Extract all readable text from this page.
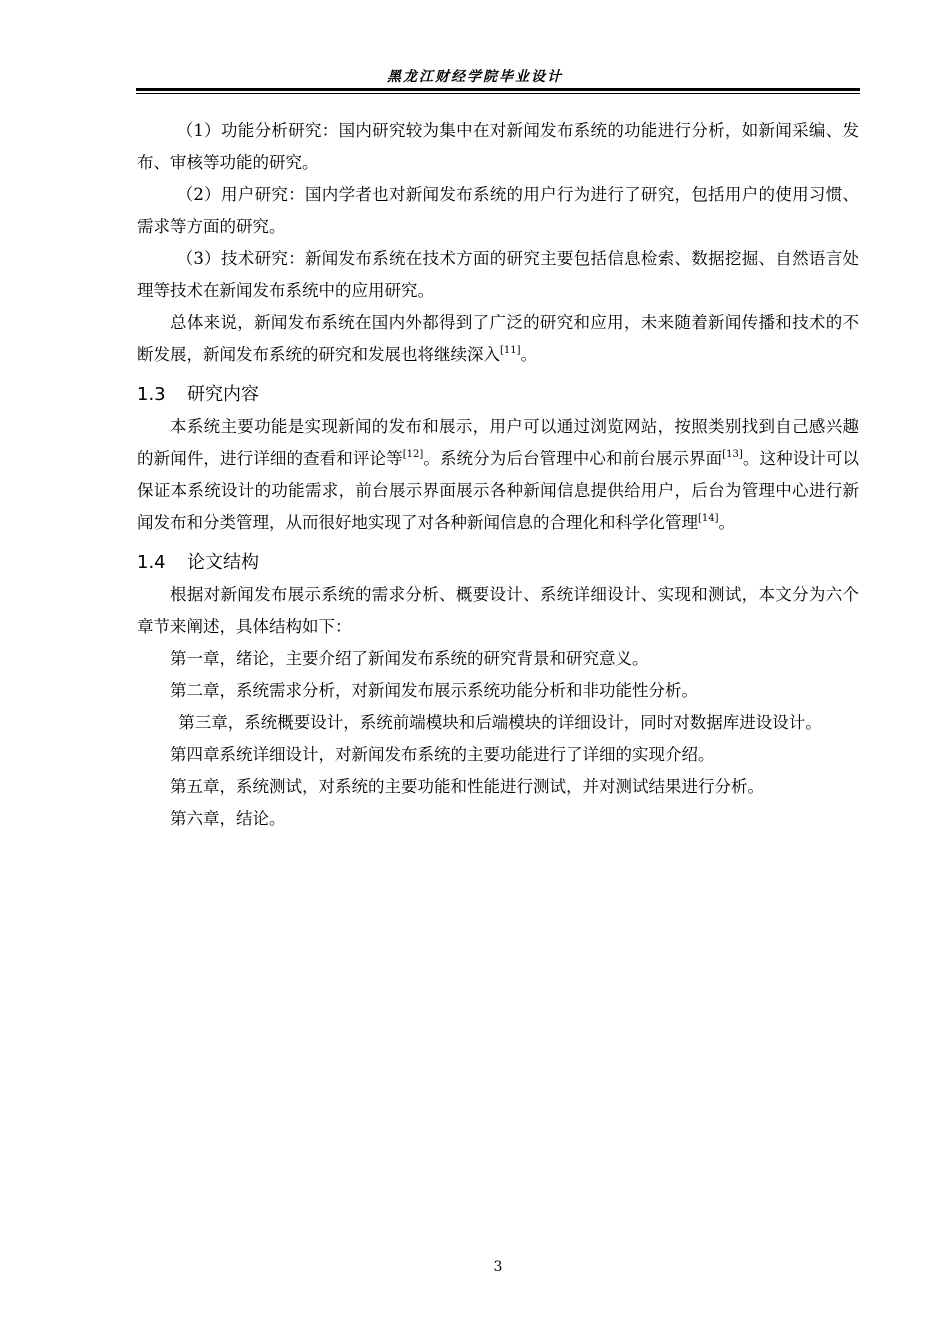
黑龙江财经学院毕业设计

（1）功能分析研究：国内研究较为集中在对新闻发布系统的功能进行分析，如新闻采编、发布、审核等功能的研究。

（2）用户研究：国内学者也对新闻发布系统的用户行为进行了研究，包括用户的使用习惯、需求等方面的研究。

（3）技术研究：新闻发布系统在技术方面的研究主要包括信息检索、数据挖掘、自然语言处理等技术在新闻发布系统中的应用研究。

总体来说，新闻发布系统在国内外都得到了广泛的研究和应用，未来随着新闻传播和技术的不断发展，新闻发布系统的研究和发展也将继续深入[11]。

1.3 研究内容

本系统主要功能是实现新闻的发布和展示，用户可以通过浏览网站，按照类别找到自己感兴趣的新闻件，进行详细的查看和评论等[12]。系统分为后台管理中心和前台展示界面[13]。这种设计可以保证本系统设计的功能需求，前台展示界面展示各种新闻信息提供给用户，后台为管理中心进行新闻发布和分类管理，从而很好地实现了对各种新闻信息的合理化和科学化管理[14]。

1.4 论文结构

根据对新闻发布展示系统的需求分析、概要设计、系统详细设计、实现和测试，本文分为六个章节来阐述，具体结构如下：

第一章，绪论，主要介绍了新闻发布系统的研究背景和研究意义。

第二章，系统需求分析，对新闻发布展示系统功能分析和非功能性分析。

第三章，系统概要设计，系统前端模块和后端模块的详细设计，同时对数据库进设设计。

第四章系统详细设计，对新闻发布系统的主要功能进行了详细的实现介绍。

第五章，系统测试，对系统的主要功能和性能进行测试，并对测试结果进行分析。

第六章，结论。

3
